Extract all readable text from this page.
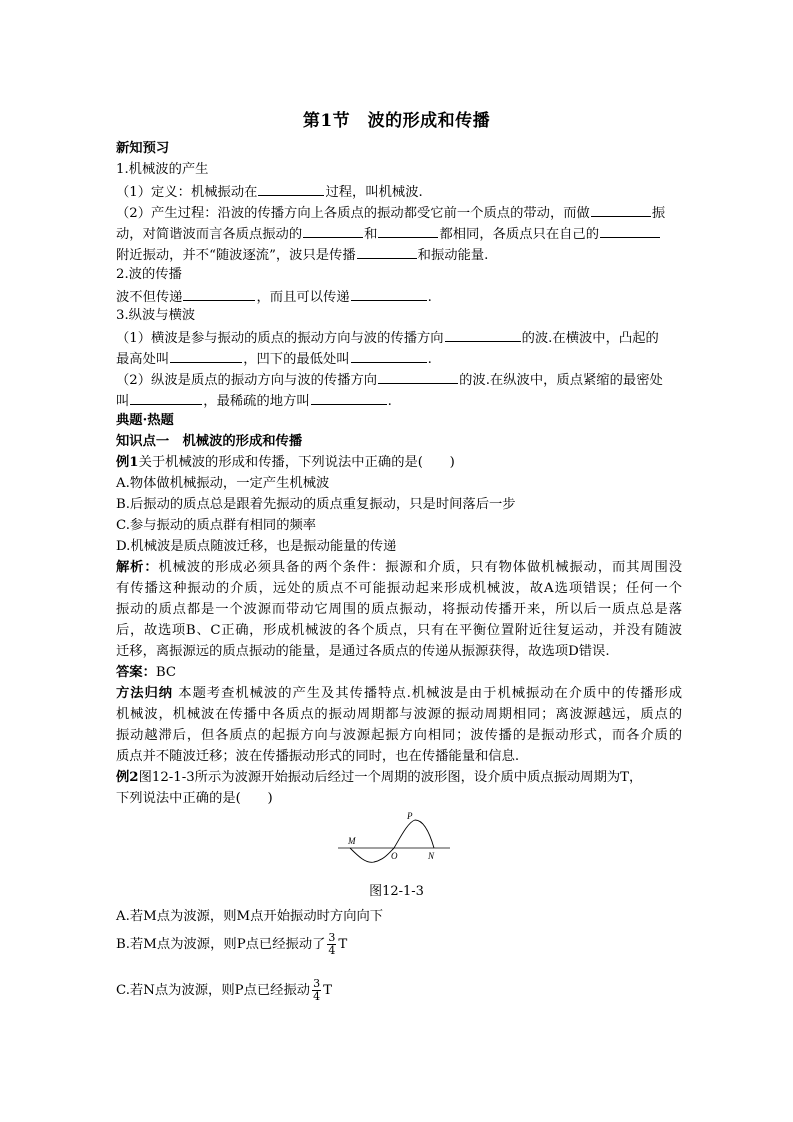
第1节　波的形成和传播
新知预习
1.机械波的产生
（1）定义：机械振动在	过程，叫机械波.
（2）产生过程：沿波的传播方向上各质点的振动都受它前一个质点的带动，而做	振
动，对简谐波而言各质点振动的	和	都相同，各质点只在自己的
附近振动，并不“随波逐流”，波只是传播	和振动能量.
2.波的传播
波不但传递	，而且可以传递	.
3.纵波与横波
（1）横波是参与振动的质点的振动方向与波的传播方向	的波.在横波中，凸起的
最高处叫	，凹下的最低处叫	.
（2）纵波是质点的振动方向与波的传播方向	的波.在纵波中，质点紧缩的最密处
叫	，最稀疏的地方叫	.
典题·热题
知识点一　机械波的形成和传播
例1关于机械波的形成和传播，下列说法中正确的是(　　)
A.物体做机械振动，一定产生机械波
B.后振动的质点总是跟着先振动的质点重复振动，只是时间落后一步
C.参与振动的质点群有相同的频率
D.机械波是质点随波迁移，也是振动能量的传递
解析：机械波的形成必须具备的两个条件：振源和介质，只有物体做机械振动，而其周围没
有传播这种振动的介质，远处的质点不可能振动起来形成机械波，故A选项错误；任何一个
振动的质点都是一个波源而带动它周围的质点振动，将振动传播开来，所以后一质点总是落
后，故选项B、C正确，形成机械波的各个质点，只有在平衡位置附近往复运动，并没有随波
迁移，离振源远的质点振动的能量，是通过各质点的传递从振源获得，故选项D错误.
答案：BC
方法归纳 本题考查机械波的产生及其传播特点.机械波是由于机械振动在介质中的传播形成
机械波，机械波在传播中各质点的振动周期都与波源的振动周期相同；离波源越远，质点的
振动越滞后，但各质点的起振方向与波源起振方向相同；波传播的是振动形式，而各介质的
质点并不随波迁移；波在传播振动形式的同时，也在传播能量和信息.
例2图12-1-3所示为波源开始振动后经过一个周期的波形图，设介质中质点振动周期为T，
下列说法中正确的是(　　)
M
P
O	N
图12-1-3
A.若M点为波源，则M点开始振动时方向向下
B.若M点为波源，则P点已经振动了 $\frac{3}{4}$ T
C.若N点为波源，则P点已经振动 $\frac{3}{4}$ T
